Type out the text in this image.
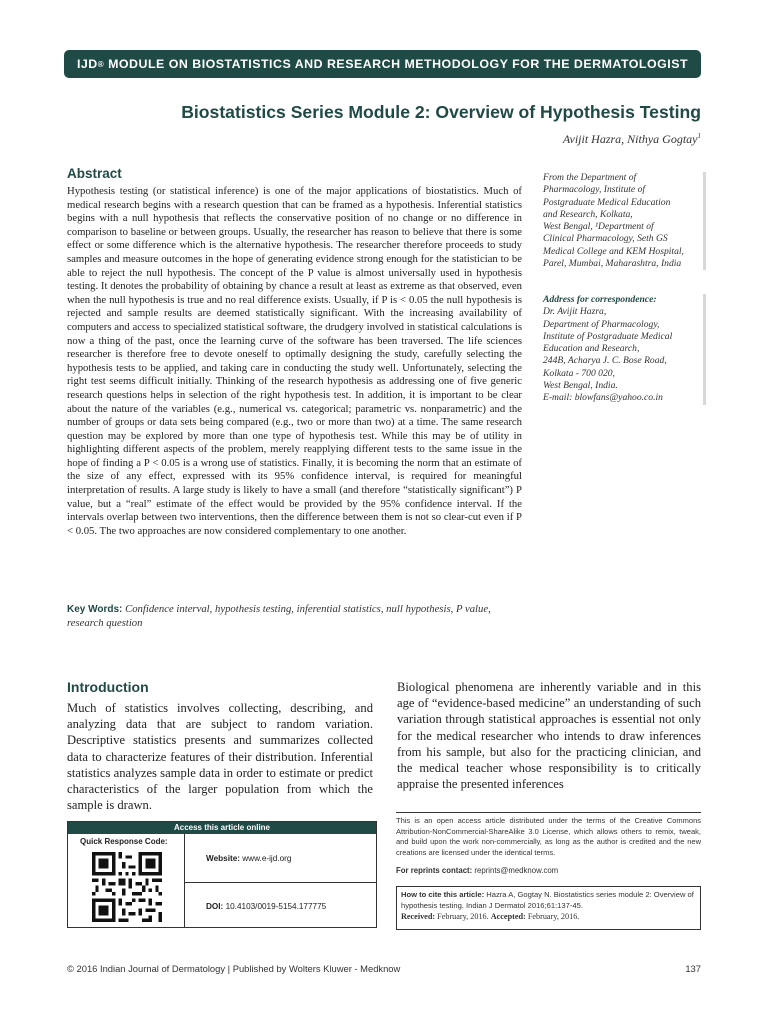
IJD ® MODULE ON BIOSTATISTICS AND RESEARCH METHODOLOGY FOR THE DERMATOLOGIST
Biostatistics Series Module 2: Overview of Hypothesis Testing
Avijit Hazra, Nithya Gogtay$^1$
Abstract
Hypothesis testing (or statistical inference) is one of the major applications of biostatistics. Much of medical research begins with a research question that can be framed as a hypothesis. Inferential statistics begins with a null hypothesis that reflects the conservative position of no change or no difference in comparison to baseline or between groups. Usually, the researcher has reason to believe that there is some effect or some difference which is the alternative hypothesis. The researcher therefore proceeds to study samples and measure outcomes in the hope of generating evidence strong enough for the statistician to be able to reject the null hypothesis. The concept of the P value is almost universally used in hypothesis testing. It denotes the probability of obtaining by chance a result at least as extreme as that observed, even when the null hypothesis is true and no real difference exists. Usually, if P is < 0.05 the null hypothesis is rejected and sample results are deemed statistically significant. With the increasing availability of computers and access to specialized statistical software, the drudgery involved in statistical calculations is now a thing of the past, once the learning curve of the software has been traversed. The life sciences researcher is therefore free to devote oneself to optimally designing the study, carefully selecting the hypothesis tests to be applied, and taking care in conducting the study well. Unfortunately, selecting the right test seems difficult initially. Thinking of the research hypothesis as addressing one of five generic research questions helps in selection of the right hypothesis test. In addition, it is important to be clear about the nature of the variables (e.g., numerical vs. categorical; parametric vs. nonparametric) and the number of groups or data sets being compared (e.g., two or more than two) at a time. The same research question may be explored by more than one type of hypothesis test. While this may be of utility in highlighting different aspects of the problem, merely reapplying different tests to the same issue in the hope of finding a P < 0.05 is a wrong use of statistics. Finally, it is becoming the norm that an estimate of the size of any effect, expressed with its 95% confidence interval, is required for meaningful interpretation of results. A large study is likely to have a small (and therefore “statistically significant”) P value, but a “real” estimate of the effect would be provided by the 95% confidence interval. If the intervals overlap between two interventions, then the difference between them is not so clear-cut even if P < 0.05. The two approaches are now considered complementary to one another.
Key Words: Confidence interval, hypothesis testing, inferential statistics, null hypothesis, P value, research question
From the Department of
Pharmacology, Institute of
Postgraduate Medical Education
and Research, Kolkata,
West Bengal, ¹Department of
Clinical Pharmacology, Seth GS
Medical College and KEM Hospital,
Parel, Mumbai, Maharashtra, India
Address for correspondence:
Dr. Avijit Hazra,
Department of Pharmacology,
Institute of Postgraduate Medical
Education and Research,
244B, Acharya J. C. Bose Road,
Kolkata - 700 020,
West Bengal, India.
E-mail: blowfans@yahoo.co.in
Introduction
Much of statistics involves collecting, describing, and analyzing data that are subject to random variation. Descriptive statistics presents and summarizes collected data to characterize features of their distribution. Inferential statistics analyzes sample data in order to estimate or predict characteristics of the larger population from which the sample is drawn.
Biological phenomena are inherently variable and in this age of “evidence-based medicine” an understanding of such variation through statistical approaches is essential not only for the medical researcher who intends to draw inferences from his sample, but also for the practicing clinician, and the medical teacher whose responsibility is to critically appraise the presented inferences
Access this article online
Quick Response Code:
Website: www.e-ijd.org
DOI: 10.4103/0019-5154.177775
This is an open access article distributed under the terms of the Creative Commons Attribution-NonCommercial-ShareAlike 3.0 License, which allows others to remix, tweak, and build upon the work non-commercially, as long as the author is credited and the new creations are licensed under the identical terms.
For reprints contact: reprints@medknow.com
How to cite this article: Hazra A, Gogtay N. Biostatistics series module 2: Overview of hypothesis testing. Indian J Dermatol 2016;61:137-45.
Received: February, 2016. Accepted: February, 2016.
© 2016 Indian Journal of Dermatology | Published by Wolters Kluwer - Medknow	137
